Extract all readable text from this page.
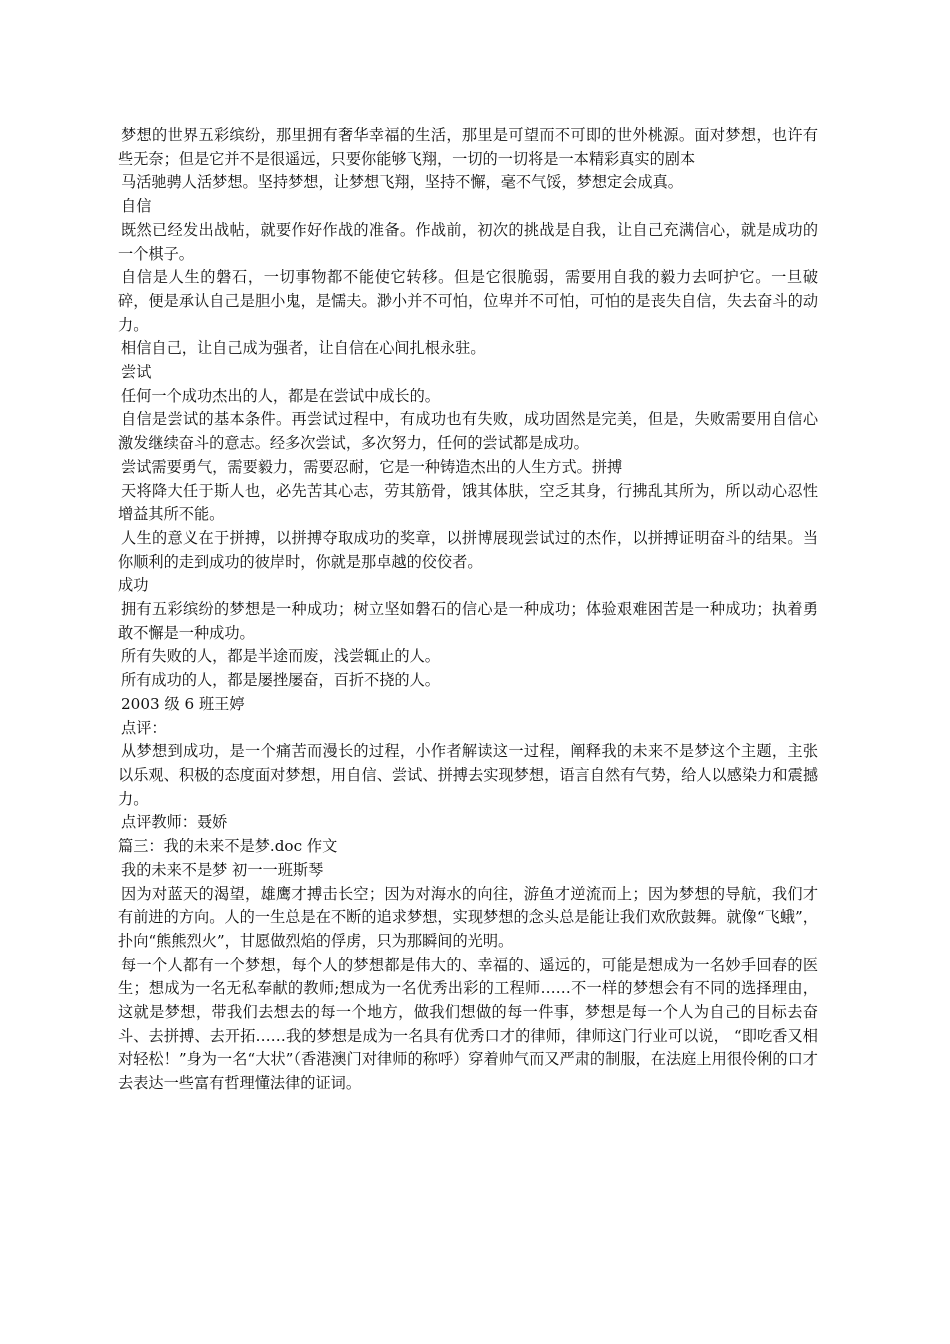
梦想的世界五彩缤纷，那里拥有奢华幸福的生活，那里是可望而不可即的世外桃源。面对梦想，也许有些无奈；但是它并不是很遥远，只要你能够飞翔，一切的一切将是一本精彩真实的剧本

马活驰骋人活梦想。坚持梦想，让梦想飞翔，坚持不懈，毫不气馁，梦想定会成真。

自信

既然已经发出战帖，就要作好作战的准备。作战前，初次的挑战是自我，让自己充满信心，就是成功的一个棋子。

自信是人生的磐石，一切事物都不能使它转移。但是它很脆弱，需要用自我的毅力去呵护它。一旦破碎，便是承认自己是胆小鬼，是懦夫。渺小并不可怕，位卑并不可怕，可怕的是丧失自信，失去奋斗的动力。

相信自己，让自己成为强者，让自信在心间扎根永驻。

尝试

任何一个成功杰出的人，都是在尝试中成长的。

自信是尝试的基本条件。再尝试过程中，有成功也有失败，成功固然是完美，但是，失败需要用自信心激发继续奋斗的意志。经多次尝试，多次努力，任何的尝试都是成功。

尝试需要勇气，需要毅力，需要忍耐，它是一种铸造杰出的人生方式。拼搏

天将降大任于斯人也，必先苦其心志，劳其筋骨，饿其体肤，空乏其身，行拂乱其所为，所以动心忍性增益其所不能。

人生的意义在于拼搏，以拼搏夺取成功的奖章，以拼博展现尝试过的杰作，以拼搏证明奋斗的结果。当你顺利的走到成功的彼岸时，你就是那卓越的佼佼者。

成功

拥有五彩缤纷的梦想是一种成功；树立坚如磐石的信心是一种成功；体验艰难困苦是一种成功；执着勇敢不懈是一种成功。

所有失败的人，都是半途而废，浅尝辄止的人。

所有成功的人，都是屡挫屡奋，百折不挠的人。

2003 级 6 班王婷

点评：

从梦想到成功，是一个痛苦而漫长的过程，小作者解读这一过程，阐释我的未来不是梦这个主题，主张以乐观、积极的态度面对梦想，用自信、尝试、拼搏去实现梦想，语言自然有气势，给人以感染力和震撼力。

点评教师：聂娇

篇三：我的未来不是梦.doc 作文

我的未来不是梦 初一一班斯琴

因为对蓝天的渴望，雄鹰才搏击长空；因为对海水的向往，游鱼才逆流而上；因为梦想的导航，我们才有前进的方向。人的一生总是在不断的追求梦想，实现梦想的念头总是能让我们欢欣鼓舞。就像“飞蛾”，扑向“熊熊烈火”，甘愿做烈焰的俘虏，只为那瞬间的光明。

每一个人都有一个梦想，每个人的梦想都是伟大的、幸福的、遥远的，可能是想成为一名妙手回春的医生；想成为一名无私奉献的教师;想成为一名优秀出彩的工程师……不一样的梦想会有不同的选择理由，这就是梦想，带我们去想去的每一个地方，做我们想做的每一件事，梦想是每一个人为自己的目标去奋斗、去拼搏、去开拓……我的梦想是成为一名具有优秀口才的律师，律师这门行业可以说， “即吃香又相对轻松！”身为一名“大状”（香港澳门对律师的称呼）穿着帅气而又严肃的制服，在法庭上用很伶俐的口才去表达一些富有哲理懂法律的证词。
